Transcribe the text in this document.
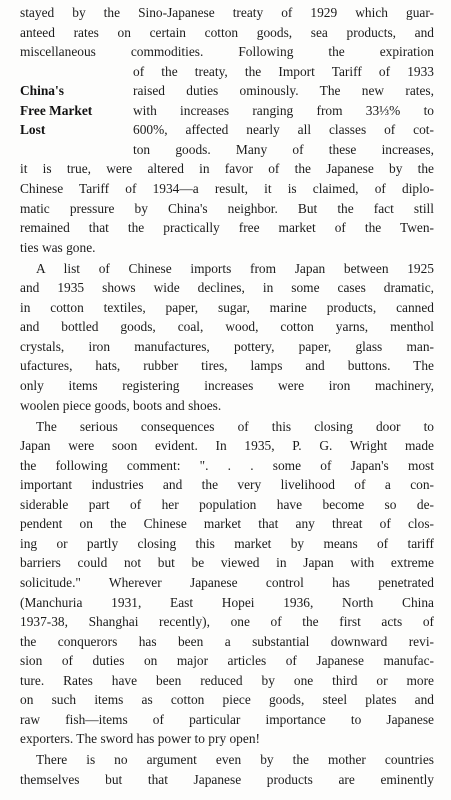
China's
Free Market
Lost
stayed by the Sino-Japanese treaty of 1929 which guar-
anteed rates on certain cotton goods, sea products, and
miscellaneous commodities. Following the expiration
of the treaty, the Import Tariff of 1933
raised duties ominously. The new rates,
with increases ranging from 33⅓% to
600%, affected nearly all classes of cot-
ton goods. Many of these increases,
it is true, were altered in favor of the Japanese by the
Chinese Tariff of 1934—a result, it is claimed, of diplo-
matic pressure by China's neighbor. But the fact still
remained that the practically free market of the Twen-
ties was gone.
A list of Chinese imports from Japan between 1925
and 1935 shows wide declines, in some cases dramatic,
in cotton textiles, paper, sugar, marine products, canned
and bottled goods, coal, wood, cotton yarns, menthol
crystals, iron manufactures, pottery, paper, glass man-
ufactures, hats, rubber tires, lamps and buttons. The
only items registering increases were iron machinery,
woolen piece goods, boots and shoes.
The serious consequences of this closing door to
Japan were soon evident. In 1935, P. G. Wright made
the following comment: ". . . some of Japan's most
important industries and the very livelihood of a con-
siderable part of her population have become so de-
pendent on the Chinese market that any threat of clos-
ing or partly closing this market by means of tariff
barriers could not but be viewed in Japan with extreme
solicitude." Wherever Japanese control has penetrated
(Manchuria 1931, East Hopei 1936, North China
1937-38, Shanghai recently), one of the first acts of
the conquerors has been a substantial downward revi-
sion of duties on major articles of Japanese manufac-
ture. Rates have been reduced by one third or more
on such items as cotton piece goods, steel plates and
raw fish—items of particular importance to Japanese
exporters. The sword has power to pry open!
There is no argument even by the mother countries
themselves but that Japanese products are eminently
